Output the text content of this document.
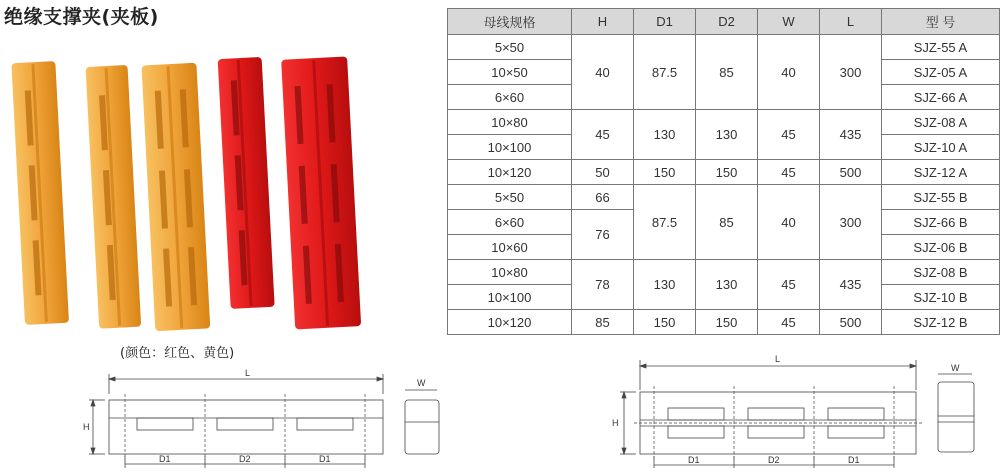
绝缘支撑夹(夹板)
(颜色：红色、黄色)
母线规格	H	D1	D2	W	L	型 号
5×50	40	87.5	85	40	300	SJZ-55 A
10×50						SJZ-05 A
6×60						SJZ-66 A
10×80	45	130	130	45	435	SJZ-08 A
10×100						SJZ-10 A
10×120	50	150	150	45	500	SJZ-12 A
5×50	66	87.5	85	40	300	SJZ-55 B
6×60	76					SJZ-66 B
10×60						SJZ-06 B
10×80	78	130	130	45	435	SJZ-08 B
10×100						SJZ-10 B
10×120	85	150	150	45	500	SJZ-12 B
L
H
W
D1	D2	D1
L
H
W
D1	D2	D1
